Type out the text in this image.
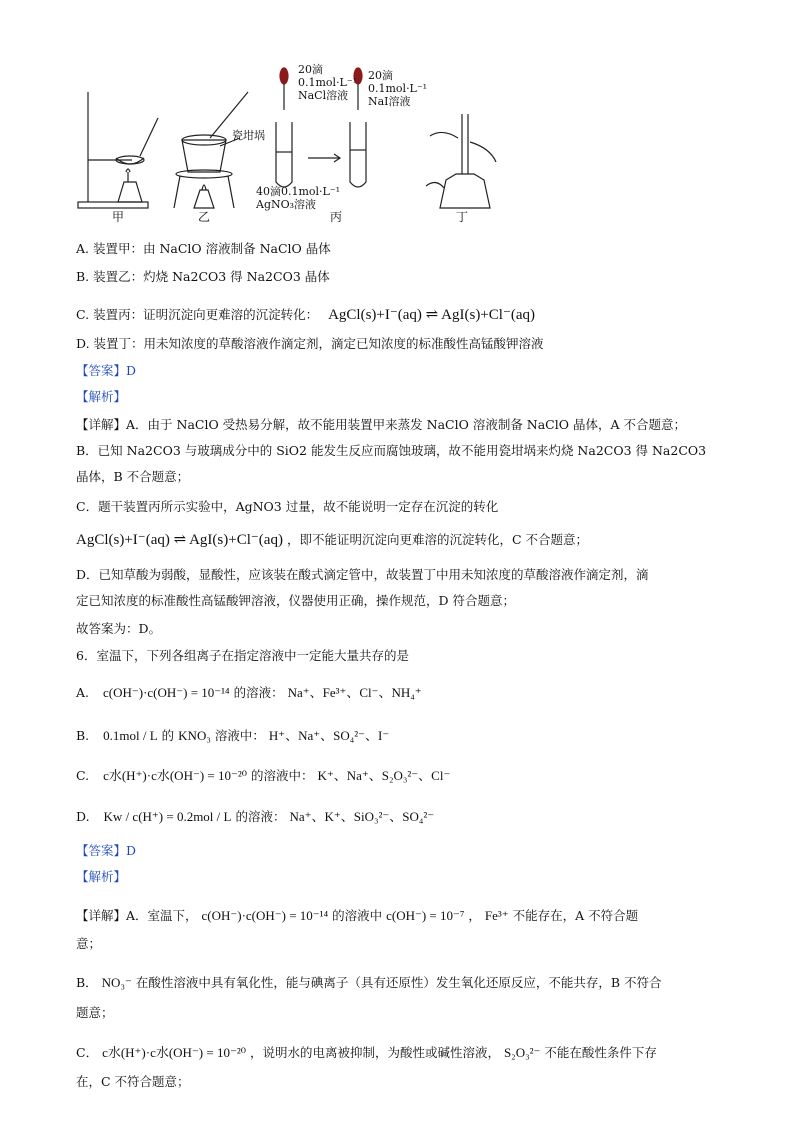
甲	乙	丙	丁
瓷坩埚
20滴
0.1mol·L⁻¹
NaCl溶液
20滴
0.1mol·L⁻¹
NaI溶液
40滴0.1mol·L⁻¹
AgNO₃溶液
A. 装置甲：由 NaClO 溶液制备 NaClO 晶体
B. 装置乙：灼烧 Na2CO3 得 Na2CO3 晶体
C. 装置丙：证明沉淀向更难溶的沉淀转化： AgCl(s)+I⁻(aq) ⇌ AgI(s)+Cl⁻(aq)
D. 装置丁：用未知浓度的草酸溶液作滴定剂，滴定已知浓度的标准酸性高锰酸钾溶液
【答案】D
【解析】
【详解】A．由于 NaClO 受热易分解，故不能用装置甲来蒸发 NaClO 溶液制备 NaClO 晶体，A 不合题意；
B．已知 Na2CO3 与玻璃成分中的 SiO2 能发生反应而腐蚀玻璃，故不能用瓷坩埚来灼烧 Na2CO3 得 Na2CO3
晶体，B 不合题意；
C．题干装置丙所示实验中，AgNO3 过量，故不能说明一定存在沉淀的转化
AgCl(s)+I⁻(aq) ⇌ AgI(s)+Cl⁻(aq) ，即不能证明沉淀向更难溶的沉淀转化，C 不合题意；
D．已知草酸为弱酸，显酸性，应该装在酸式滴定管中，故装置丁中用未知浓度的草酸溶液作滴定剂，滴
定已知浓度的标准酸性高锰酸钾溶液，仪器使用正确，操作规范，D 符合题意；
故答案为：D。
6．室温下，下列各组离子在指定溶液中一定能大量共存的是
A. c(OH⁻)·c(OH⁻) = 10⁻¹⁴ 的溶液： Na⁺、Fe³⁺、Cl⁻、NH₄⁺
B. 0.1mol / L 的 KNO₃ 溶液中： H⁺、Na⁺、SO₄²⁻、I⁻
C. c水(H⁺)·c水(OH⁻) = 10⁻²⁰ 的溶液中： K⁺、Na⁺、S₂O₃²⁻、Cl⁻
D. Kw / c(H⁺) = 0.2mol / L 的溶液： Na⁺、K⁺、SiO₃²⁻、SO₄²⁻
【答案】D
【解析】
【详解】A．室温下， c(OH⁻)·c(OH⁻) = 10⁻¹⁴ 的溶液中 c(OH⁻) = 10⁻⁷ ， Fe³⁺ 不能存在，A 不符合题
意；
B． NO₃⁻ 在酸性溶液中具有氧化性，能与碘离子（具有还原性）发生氧化还原反应，不能共存，B 不符合
题意；
C． c水(H⁺)·c水(OH⁻) = 10⁻²⁰ ，说明水的电离被抑制，为酸性或碱性溶液， S₂O₃²⁻ 不能在酸性条件下存
在，C 不符合题意；
